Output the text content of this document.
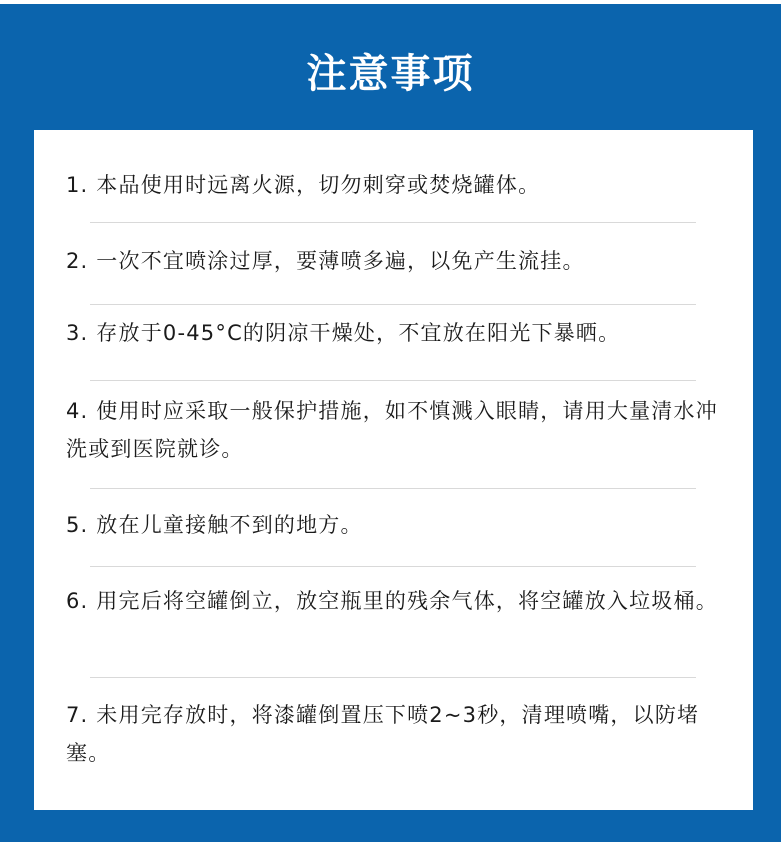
注意事项
1. 本品使用时远离火源，切勿刺穿或焚烧罐体。
2. 一次不宜喷涂过厚，要薄喷多遍，以免产生流挂。
3. 存放于0-45°C的阴凉干燥处，不宜放在阳光下暴晒。
4. 使用时应采取一般保护措施，如不慎溅入眼睛，请用大量清水冲洗或到医院就诊。
5. 放在儿童接触不到的地方。
6. 用完后将空罐倒立，放空瓶里的残余气体，将空罐放入垃圾桶。
7. 未用完存放时，将漆罐倒置压下喷2~3秒，清理喷嘴，以防堵塞。
